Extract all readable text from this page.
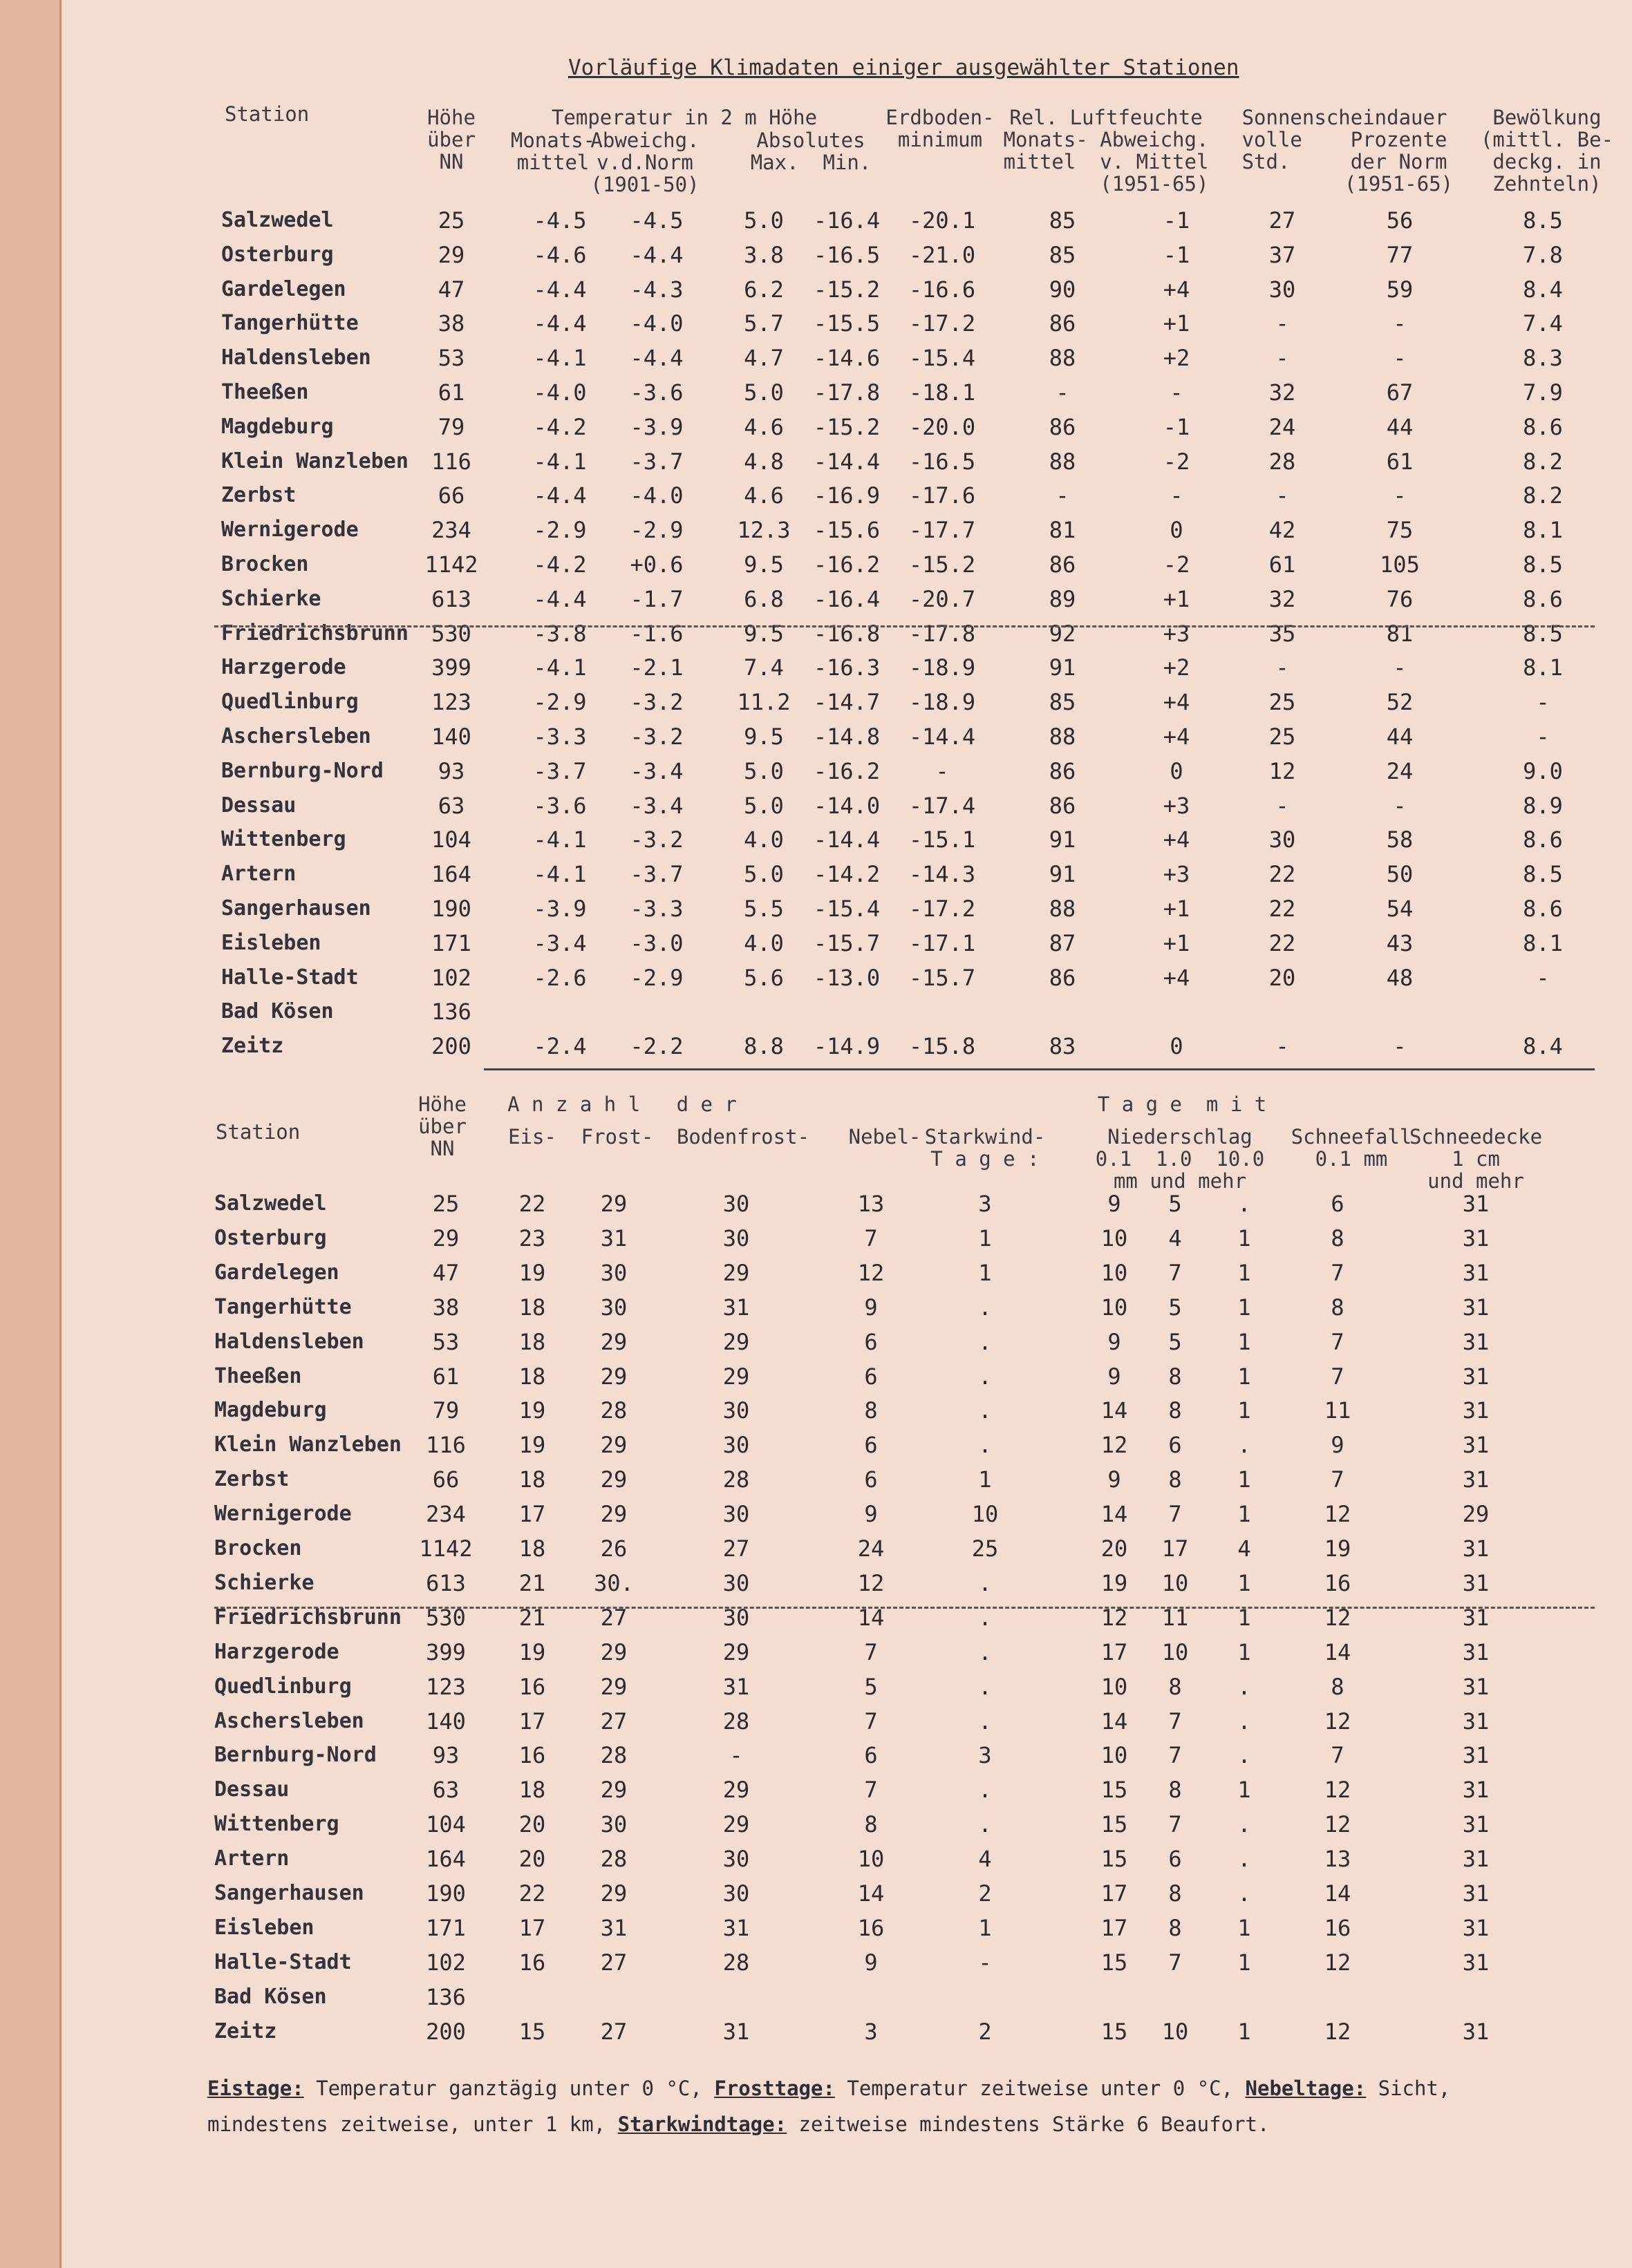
Vorläufige Klimadaten einiger ausgewählter Stationen
Station	Höhe
über
NN
Temperatur in 2 m Höhe
Monats-
mittel
Abweichg.
v.d.Norm
(1901-50)
Absolutes
Max.  Min.
Erdboden-
minimum
Rel. Luftfeuchte
Monats- Abweichg.
mittel  v. Mittel
(1951-65)
Sonnenscheindauer
volle    Prozente
Std.     der Norm
(1951-65)
Bewölkung
(mittl. Be-
deckg. in
Zehnteln)
Salzwedel	25	-4.5 -4.5	5.0 -16.4 -20.1	85	-1	27	56	8.5
Osterburg	29	-4.6 -4.4	3.8 -16.5 -21.0	85	-1	37	77	7.8
Gardelegen	47	-4.4 -4.3	6.2 -15.2 -16.6	90	+4	30	59	8.4
Tangerhütte	38	-4.4 -4.0	5.7 -15.5 -17.2	86	+1	-	-	7.4
Haldensleben	53	-4.1 -4.4	4.7 -14.6 -15.4	88	+2	-	-	8.3
Theeßen	61	-4.0 -3.6	5.0 -17.8 -18.1	-	-	32	67	7.9
Magdeburg	79	-4.2 -3.9	4.6 -15.2 -20.0	86	-1	24	44	8.6
Klein Wanzleben 116	-4.1 -3.7	4.8 -14.4 -16.5	88	-2	28	61	8.2
Zerbst	66	-4.4 -4.0	4.6 -16.9 -17.6	-	-	-	-	8.2
Wernigerode	234	-2.9 -2.9 12.3 -15.6 -17.7	81	0	42	75	8.1
Brocken	1142 -4.2 +0.6	9.5 -16.2 -15.2	86	-2	61	105	8.5
Schierke	613	-4.4 -1.7	6.8 -16.4 -20.7	89	+1	32	76	8.6
Friedrichsbrunn 530	-3.8 -1.6	9.5 -16.8 -17.8	92	+3	35	81	8.5
Harzgerode	399	-4.1 -2.1	7.4 -16.3 -18.9	91	+2	-	-	8.1
Quedlinburg	123	-2.9 -3.2 11.2 -14.7 -18.9	85	+4	25	52	-
Aschersleben	140	-3.3 -3.2	9.5 -14.8 -14.4	88	+4	25	44	-
Bernburg-Nord 93	-3.7 -3.4	5.0 -16.2	-	86	0	12	24	9.0
Dessau	63	-3.6 -3.4	5.0 -14.0 -17.4	86	+3	-	-	8.9
Wittenberg	104	-4.1 -3.2	4.0 -14.4 -15.1	91	+4	30	58	8.6
Artern	164	-4.1 -3.7	5.0 -14.2 -14.3	91	+3	22	50	8.5
Sangerhausen	190	-3.9 -3.3	5.5 -15.4 -17.2	88	+1	22	54	8.6
Eisleben	171	-3.4 -3.0	4.0 -15.7 -17.1	87	+1	22	43	8.1
Halle-Stadt	102	-2.6 -2.9	5.6 -13.0 -15.7	86	+4	20	48	-
Bad Kösen	136
Zeitz	200	-2.4 -2.2	8.8 -14.9 -15.8	83	0	-	-	8.4
Station
Höhe
über
NN
A n z a h l   d e r
Eis- Frost- Bodenfrost- Nebel- Starkwind-
T a g e :
T a g e  m i t
Niederschlag
0.1  1.0  10.0
mm und mehr
Schneefall
0.1 mm
Schneedecke
1 cm
und mehr
Salzwedel	25	22 29	30	13	3	9 5	.	6	31
Osterburg	29	23 31	30	7	1	10 4	1	8	31
Gardelegen	47	19 30	29	12	1	10 7	1	7	31
Tangerhütte	38	18 30	31	9	.	10 5	1	8	31
Haldensleben	53	18 29	29	6	.	9 5	1	7	31
Theeßen	61	18 29	29	6	.	9 8	1	7	31
Magdeburg	79	19 28	30	8	.	14 8	1	11	31
Klein Wanzleben 116 19 29	30	6	.	12 6	.	9	31
Zerbst	66	18 29	28	6	1	9 8	1	7	31
Wernigerode	234 17 29	30	9	10	14 7	1	12	29
Brocken	1142 18 26	27	24	25	20 17 4	19	31
Schierke	613 21 30.	30	12	.	19 10 1	16	31
Friedrichsbrunn 530 21 27	30	14	.	12 11 1	12	31
Harzgerode	399 19 29	29	7	.	17 10 1	14	31
Quedlinburg	123 16 29	31	5	.	10 8	.	8	31
Aschersleben	140 17 27	28	7	.	14 7	.	12	31
Bernburg-Nord	93	16 28	-	6	3	10 7	.	7	31
Dessau	63	18 29	29	7	.	15 8	1	12	31
Wittenberg	104 20 30	29	8	.	15 7	.	12	31
Artern	164 20 28	30	10	4	15 6	.	13	31
Sangerhausen	190 22 29	30	14	2	17 8	.	14	31
Eisleben	171 17 31	31	16	1	17 8	1	16	31
Halle-Stadt	102 16 27	28	9	-	15 7	1	12	31
Bad Kösen	136
Zeitz	200 15 27	31	3	2	15 10 1	12	31
Eistage: Temperatur ganztägig unter 0 °C, Frosttage: Temperatur zeitweise unter 0 °C, Nebeltage: Sicht,
mindestens zeitweise, unter 1 km, Starkwindtage: zeitweise mindestens Stärke 6 Beaufort.
